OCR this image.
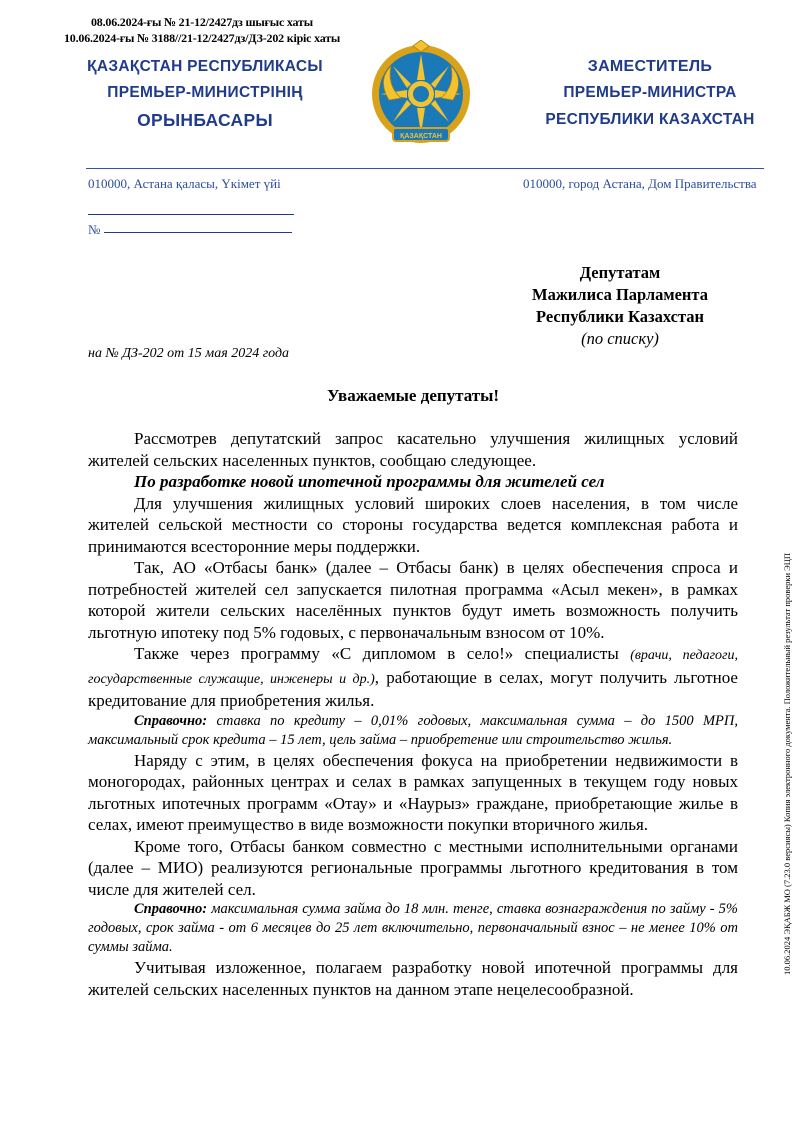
08.06.2024-ғы № 21-12/2427дз шығыс хаты
10.06.2024-ғы № 3188//21-12/2427дз/ДЗ-202 кіріс хаты
ҚАЗАҚСТАН РЕСПУБЛИКАСЫ
ПРЕМЬЕР-МИНИСТРІНІҢ
ОРЫНБАСАРЫ
ҚАЗАҚСТАН
ЗАМЕСТИТЕЛЬ
ПРЕМЬЕР-МИНИСТРА
РЕСПУБЛИКИ КАЗАХСТАН
010000, Астана қаласы, Үкімет үйі	010000, город Астана, Дом Правительства
№
Депутатам
Мажилиса Парламента
Республики Казахстан
(по списку)
на № ДЗ-202 от 15 мая 2024 года
Уважаемые депутаты!

Рассмотрев депутатский запрос касательно улучшения жилищных условий жителей сельских населенных пунктов, сообщаю следующее.

По разработке новой ипотечной программы для жителей сел

Для улучшения жилищных условий широких слоев населения, в том числе жителей сельской местности со стороны государства ведется комплексная работа и принимаются всесторонние меры поддержки.

Так, АО «Отбасы банк» (далее – Отбасы банк) в целях обеспечения спроса и потребностей жителей сел запускается пилотная программа «Асыл мекен», в рамках которой жители сельских населённых пунктов будут иметь возможность получить льготную ипотеку под 5% годовых, с первоначальным взносом от 10%.

Также через программу «С дипломом в село!» специалисты (врачи, педагоги, государственные служащие, инженеры и др.), работающие в селах, могут получить льготное кредитование для приобретения жилья.

Справочно: ставка по кредиту – 0,01% годовых, максимальная сумма – до 1500 МРП, максимальный срок кредита – 15 лет, цель займа – приобретение или строительство жилья.

Наряду с этим, в целях обеспечения фокуса на приобретении недвижимости в моногородах, районных центрах и селах в рамках запущенных в текущем году новых льготных ипотечных программ «Отау» и «Наурыз» граждане, приобретающие жилье в селах, имеют преимущество в виде возможности покупки вторичного жилья.

Кроме того, Отбасы банком совместно с местными исполнительными органами (далее – МИО) реализуются региональные программы льготного кредитования в том числе для жителей сел.

Справочно: максимальная сумма займа до 18 млн. тенге, ставка вознаграждения по займу - 5% годовых, срок займа - от 6 месяцев до 25 лет включительно, первоначальный взнос – не менее 10% от суммы займа.

Учитывая изложенное, полагаем разработку новой ипотечной программы для жителей сельских населенных пунктов на данном этапе нецелесообразной.

10.06.2024 ЭҚАБЖ МО (7.23.0 версиясы) Копия электронного документа. Положительный результат проверки ЭЦП
